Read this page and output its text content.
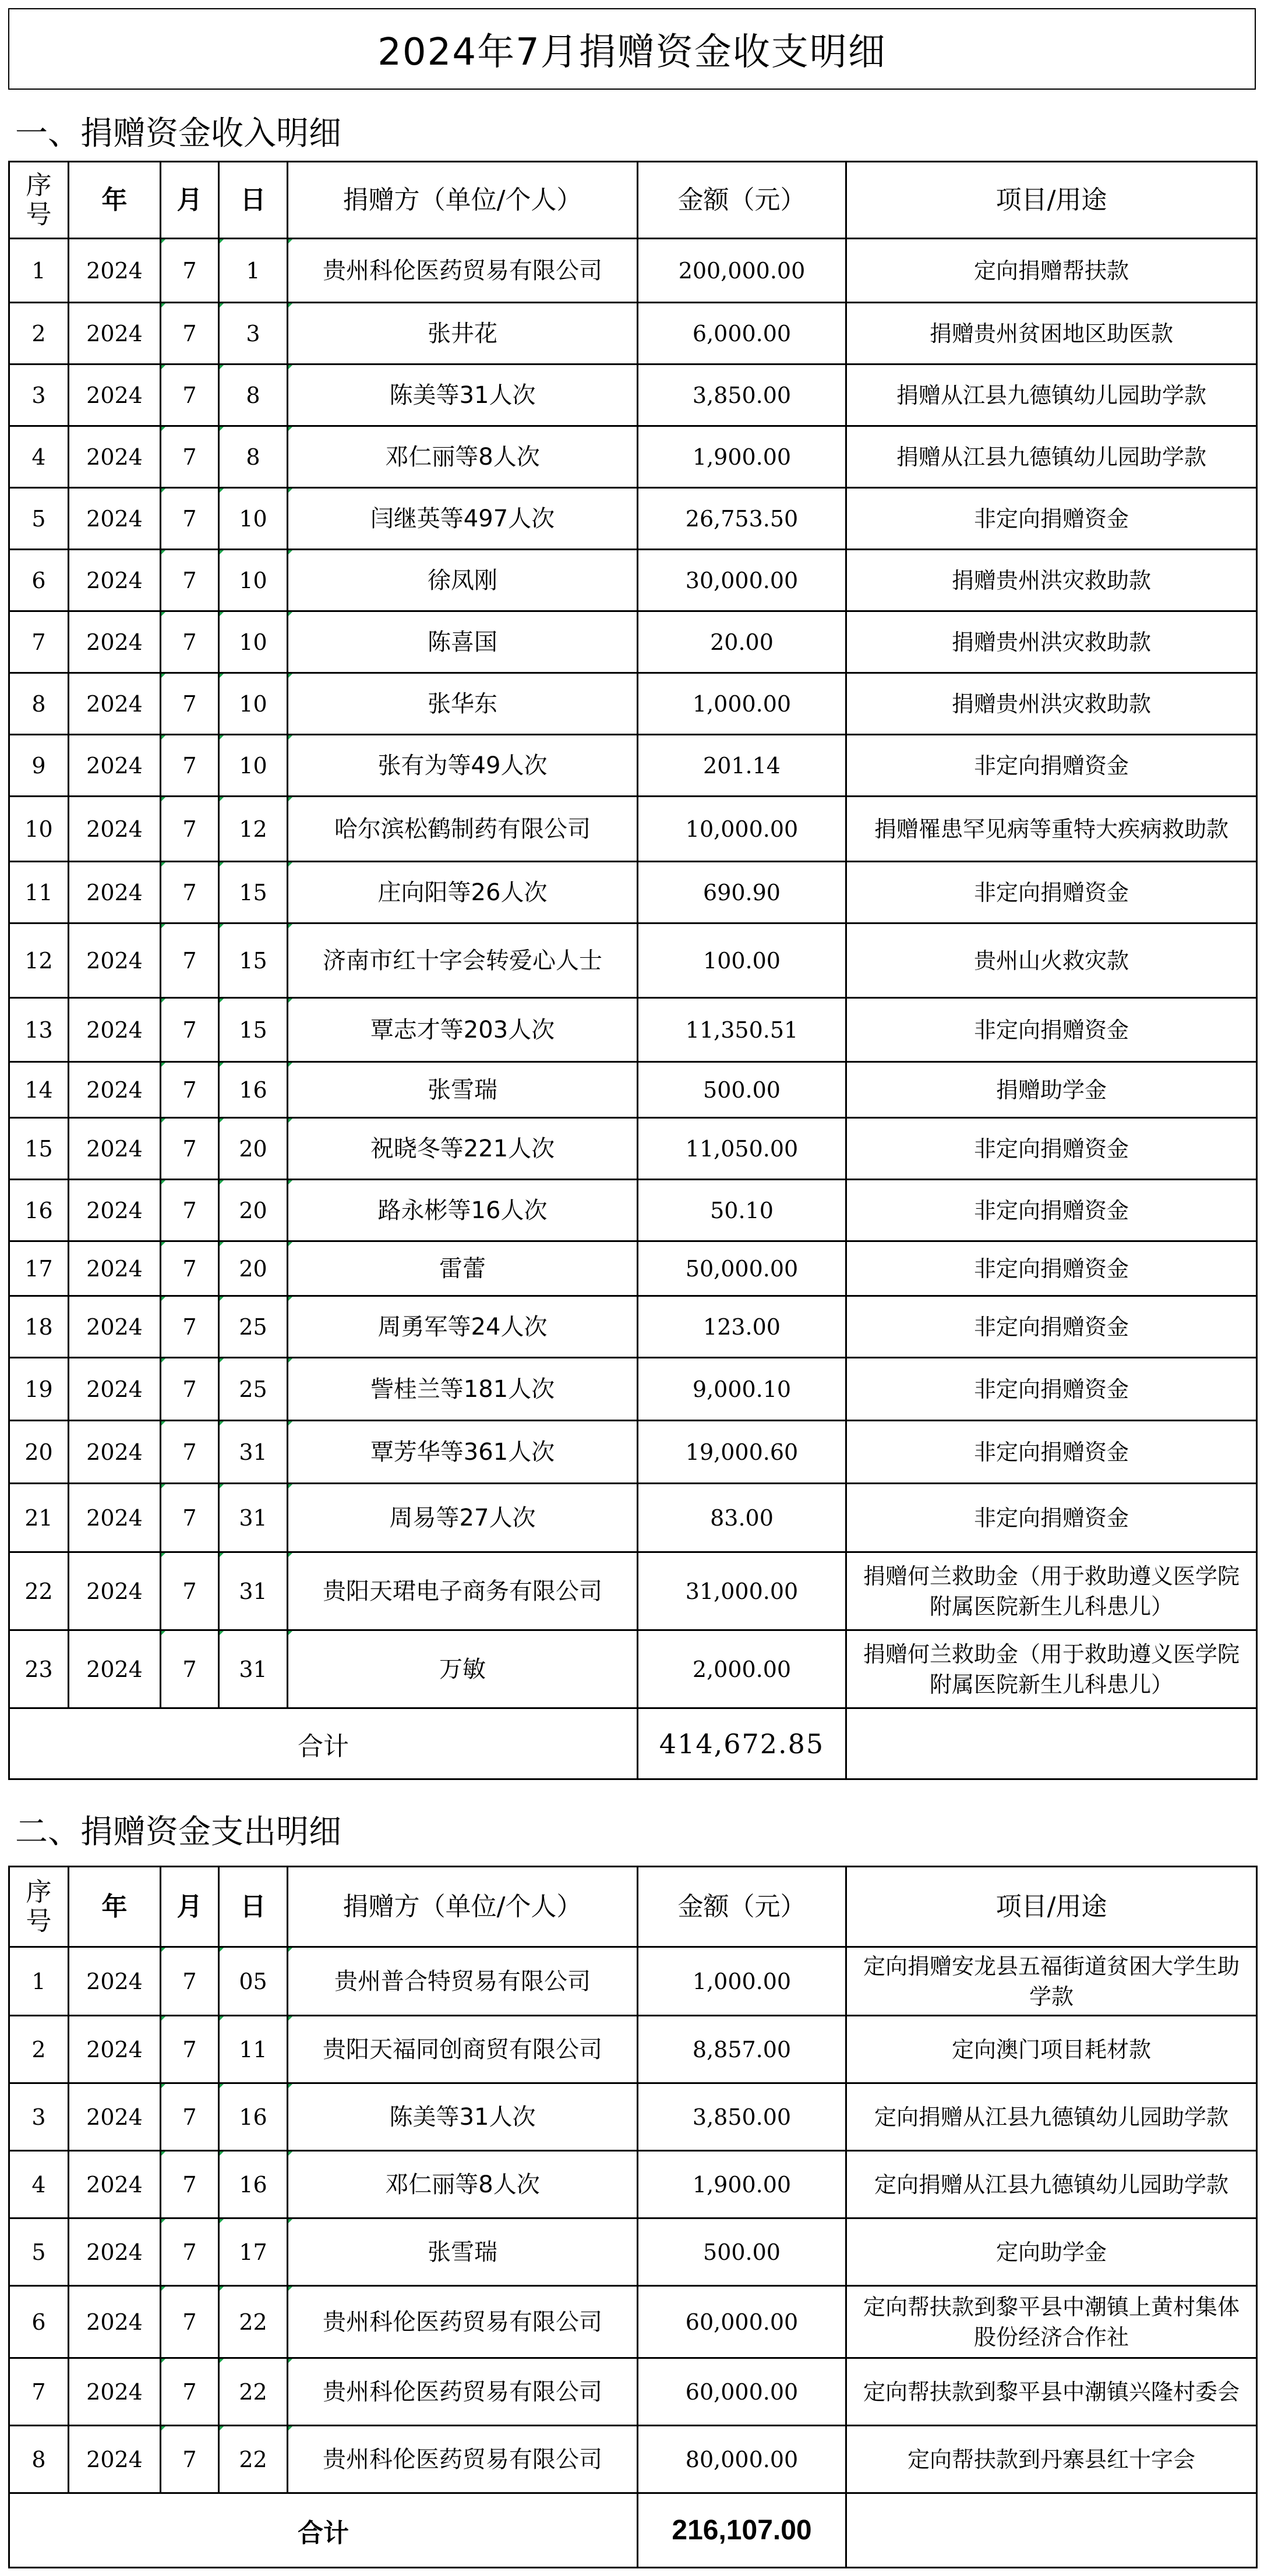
2024年7月捐赠资金收支明细
一、捐赠资金收入明细
序号	年	月	日	捐赠方（单位/个人）	金额（元）	项目/用途
1	2024	7	1	贵州科伦医药贸易有限公司	200,000.00	定向捐赠帮扶款
2	2024	7	3	张井花	6,000.00	捐赠贵州贫困地区助医款
3	2024	7	8	陈美等31人次	3,850.00	捐赠从江县九德镇幼儿园助学款
4	2024	7	8	邓仁丽等8人次	1,900.00	捐赠从江县九德镇幼儿园助学款
5	2024	7	10	闫继英等497人次	26,753.50	非定向捐赠资金
6	2024	7	10	徐凤刚	30,000.00	捐赠贵州洪灾救助款
7	2024	7	10	陈喜国	20.00	捐赠贵州洪灾救助款
8	2024	7	10	张华东	1,000.00	捐赠贵州洪灾救助款
9	2024	7	10	张有为等49人次	201.14	非定向捐赠资金
10	2024	7	12	哈尔滨松鹤制药有限公司	10,000.00	捐赠罹患罕见病等重特大疾病救助款
11	2024	7	15	庄向阳等26人次	690.90	非定向捐赠资金
12	2024	7	15	济南市红十字会转爱心人士	100.00	贵州山火救灾款
13	2024	7	15	覃志才等203人次	11,350.51	非定向捐赠资金
14	2024	7	16	张雪瑞	500.00	捐赠助学金
15	2024	7	20	祝晓冬等221人次	11,050.00	非定向捐赠资金
16	2024	7	20	路永彬等16人次	50.10	非定向捐赠资金
17	2024	7	20	雷蕾	50,000.00	非定向捐赠资金
18	2024	7	25	周勇军等24人次	123.00	非定向捐赠资金
19	2024	7	25	訾桂兰等181人次	9,000.10	非定向捐赠资金
20	2024	7	31	覃芳华等361人次	19,000.60	非定向捐赠资金
21	2024	7	31	周易等27人次	83.00	非定向捐赠资金
22	2024	7	31	贵阳天珺电子商务有限公司	31,000.00	捐赠何兰救助金（用于救助遵义医学院附属医院新生儿科患儿）
23	2024	7	31	万敏	2,000.00	捐赠何兰救助金（用于救助遵义医学院附属医院新生儿科患儿）
合计					414,672.85	
二、捐赠资金支出明细
序号	年	月	日	捐赠方（单位/个人）	金额（元）	项目/用途
1	2024	7	05	贵州普合特贸易有限公司	1,000.00	定向捐赠安龙县五福街道贫困大学生助学款
2	2024	7	11	贵阳天福同创商贸有限公司	8,857.00	定向澳门项目耗材款
3	2024	7	16	陈美等31人次	3,850.00	定向捐赠从江县九德镇幼儿园助学款
4	2024	7	16	邓仁丽等8人次	1,900.00	定向捐赠从江县九德镇幼儿园助学款
5	2024	7	17	张雪瑞	500.00	定向助学金
6	2024	7	22	贵州科伦医药贸易有限公司	60,000.00	定向帮扶款到黎平县中潮镇上黄村集体股份经济合作社
7	2024	7	22	贵州科伦医药贸易有限公司	60,000.00	定向帮扶款到黎平县中潮镇兴隆村委会
8	2024	7	22	贵州科伦医药贸易有限公司	80,000.00	定向帮扶款到丹寨县红十字会
合计					216,107.00	
